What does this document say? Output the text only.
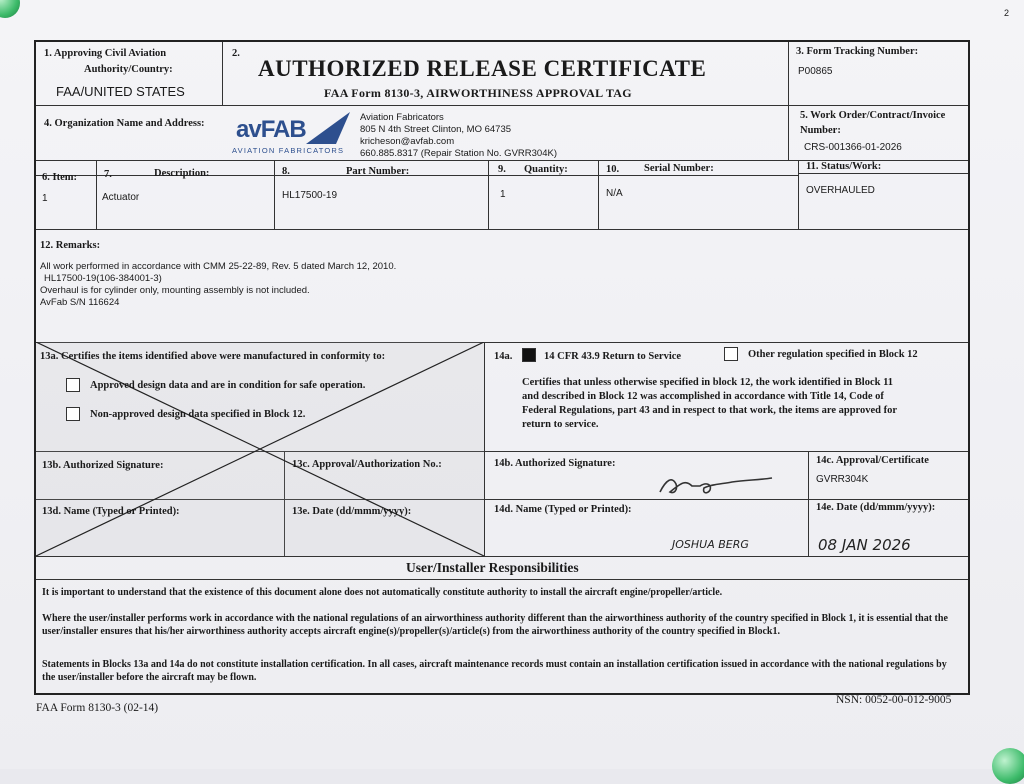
2
1. Approving Civil Aviation
Authority/Country:
FAA/UNITED STATES
2.
AUTHORIZED RELEASE CERTIFICATE
FAA Form 8130-3, AIRWORTHINESS APPROVAL TAG
3. Form Tracking Number:
P00865
4. Organization Name and Address: avFAB
AVIATION FABRICATORS
Aviation Fabricators
805 N 4th Street Clinton, MO 64735
kricheson@avfab.com
660.885.8317 (Repair Station No. GVRR304K)
5. Work Order/Contract/Invoice
Number:
CRS-001366-01-2026
6. Item:	7.	Description:	8.	Part Number:	9. Quantity:	10. Serial Number:	11. Status/Work:
1	Actuator	HL17500-19	1	N/A	OVERHAULED
12. Remarks:
All work performed in accordance with CMM 25-22-89, Rev. 5 dated March 12, 2010.
HL17500-19(106-384001-3)
Overhaul is for cylinder only, mounting assembly is not included.
AvFab S/N 116624
13a. Certifies the items identified above were manufactured in conformity to:
Approved design data and are in condition for safe operation.
Non-approved design data specified in Block 12.
13b. Authorized Signature:	13c. Approval/Authorization No.:
13d. Name (Typed or Printed):	13e. Date (dd/mmm/yyyy):
14a.	14 CFR 43.9 Return to Service	Other regulation specified in Block 12
Certifies that unless otherwise specified in block 12, the work identified in Block 11
and described in Block 12 was accomplished in accordance with Title 14, Code of
Federal Regulations, part 43 and in respect to that work, the items are approved for
return to service.
14b. Authorized Signature:	14c. Approval/Certificate
GVRR304K
14d. Name (Typed or Printed):
JOSHUA BERG
14e. Date (dd/mmm/yyyy):
08 JAN 2026
User/Installer Responsibilities
It is important to understand that the existence of this document alone does not automatically constitute authority to install the aircraft engine/propeller/article.
Where the user/installer performs work in accordance with the national regulations of an airworthiness authority different than the airworthiness authority of the country specified in Block 1, it is essential that the user/installer ensures that his/her airworthiness authority accepts aircraft engine(s)/propeller(s)/article(s) from the airworthiness authority of the country specified in Block1.
Statements in Blocks 13a and 14a do not constitute installation certification. In all cases, aircraft maintenance records must contain an installation certification issued in accordance with the national regulations by the user/installer before the aircraft may be flown.
FAA Form 8130-3 (02-14)
NSN: 0052-00-012-9005
